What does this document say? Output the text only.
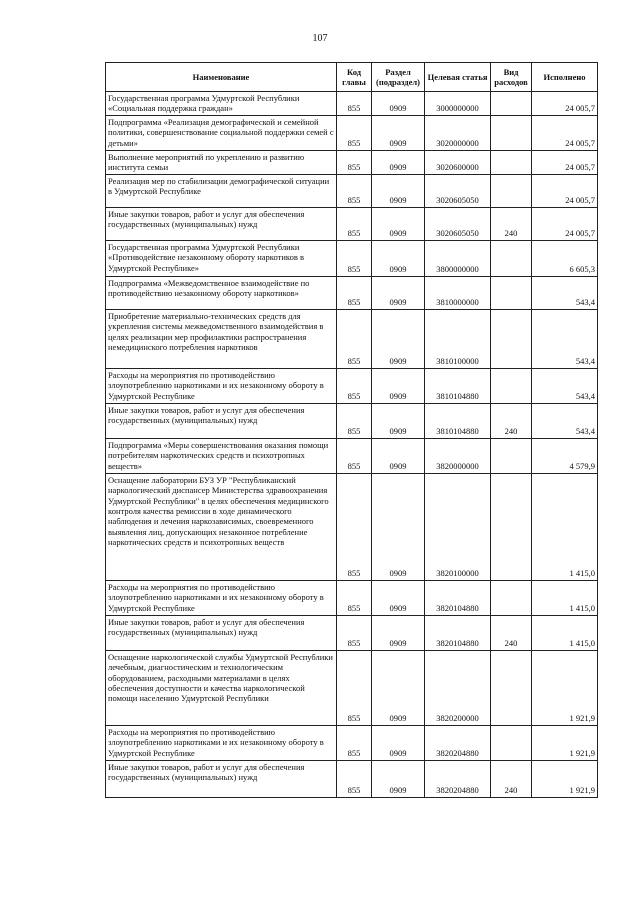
107
Наименование	Код главы	Раздел (подраздел)	Целевая статья	Вид расходов	Исполнено
Государственная программа Удмуртской Республики «Социальная поддержка граждан»	855	0909	3000000000		24 005,7
Подпрограмма «Реализация демографической и семейной политики, совершенствование социальной поддержки семей с детьми»	855	0909	3020000000		24 005,7
Выполнение мероприятий по укреплению и развитию института семьи	855	0909	3020600000		24 005,7
Реализация мер по стабилизации демографической ситуации в Удмуртской Республике	855	0909	3020605050		24 005,7
Иные закупки товаров, работ и услуг для обеспечения государственных (муниципальных) нужд	855	0909	3020605050	240	24 005,7
Государственная программа Удмуртской Республики «Противодействие незаконному обороту наркотиков в Удмуртской Республике»	855	0909	3800000000		6 605,3
Подпрограмма «Межведомственное взаимодействие по противодействию незаконному обороту наркотиков»	855	0909	3810000000		543,4
Приобретение материально-технических средств для укрепления системы межведомственного взаимодействия в целях реализации мер профилактики распространения немедицинского потребления наркотиков	855	0909	3810100000		543,4
Расходы на мероприятия по противодействию злоупотреблению наркотиками и их незаконному обороту в Удмуртской Республике	855	0909	3810104880		543,4
Иные закупки товаров, работ и услуг для обеспечения государственных (муниципальных) нужд	855	0909	3810104880	240	543,4
Подпрограмма «Меры совершенствования оказания помощи потребителям наркотических средств и психотропных веществ»	855	0909	3820000000		4 579,9
Оснащение лаборатории БУЗ УР "Республиканский наркологический диспансер Министерства здравоохранения Удмуртской Республики" в целях обеспечения медицинского контроля качества ремиссии в ходе динамического наблюдения и лечения наркозависимых, своевременного выявления лиц, допускающих незаконное потребление наркотических средств и психотропных веществ	855	0909	3820100000		1 415,0
Расходы на мероприятия по противодействию злоупотреблению наркотиками и их незаконному обороту в Удмуртской Республике	855	0909	3820104880		1 415,0
Иные закупки товаров, работ и услуг для обеспечения государственных (муниципальных) нужд	855	0909	3820104880	240	1 415,0
Оснащение наркологической службы Удмуртской Республики лечебным, диагностическим и технологическим оборудованием, расходными материалами в целях обеспечения доступности и качества наркологической помощи населению Удмуртской Республики	855	0909	3820200000		1 921,9
Расходы на мероприятия по противодействию злоупотреблению наркотиками и их незаконному обороту в Удмуртской Республике	855	0909	3820204880		1 921,9
Иные закупки товаров, работ и услуг для обеспечения государственных (муниципальных) нужд	855	0909	3820204880	240	1 921,9
